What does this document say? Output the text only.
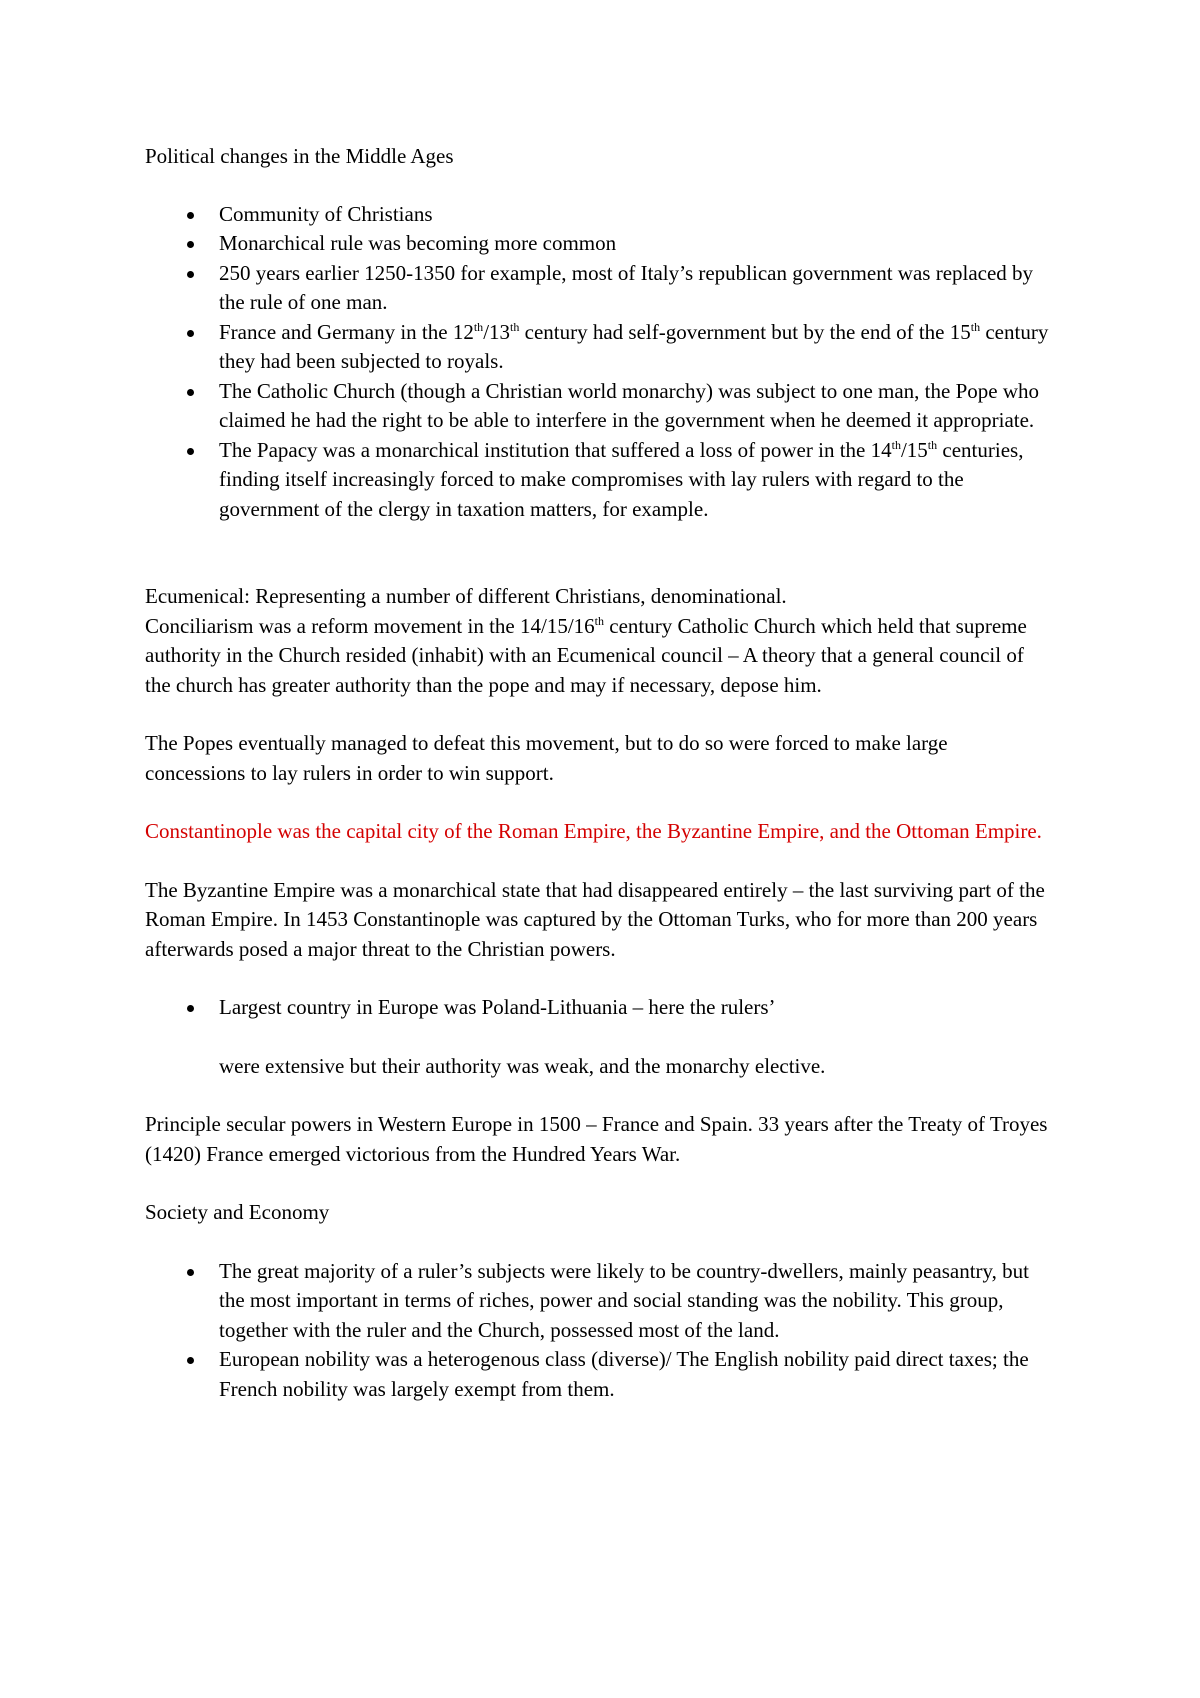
Political changes in the Middle Ages

Community of Christians
Monarchical rule was becoming more common
250 years earlier 1250-1350 for example, most of Italy’s republican government was replaced by the rule of one man.
France and Germany in the 12th/13th century had self-government but by the end of the 15th century they had been subjected to royals.
The Catholic Church (though a Christian world monarchy) was subject to one man, the Pope who claimed he had the right to be able to interfere in the government when he deemed it appropriate.
The Papacy was a monarchical institution that suffered a loss of power in the 14th/15th centuries, finding itself increasingly forced to make compromises with lay rulers with regard to the government of the clergy in taxation matters, for example.

Ecumenical: Representing a number of different Christians, denominational.

Conciliarism was a reform movement in the 14/15/16th century Catholic Church which held that supreme authority in the Church resided (inhabit) with an Ecumenical council – A theory that a general council of the church has greater authority than the pope and may if necessary, depose him.

The Popes eventually managed to defeat this movement, but to do so were forced to make large concessions to lay rulers in order to win support.

Constantinople was the capital city of the Roman Empire, the Byzantine Empire, and the Ottoman Empire.

The Byzantine Empire was a monarchical state that had disappeared entirely – the last surviving part of the Roman Empire. In 1453 Constantinople was captured by the Ottoman Turks, who for more than 200 years afterwards posed a major threat to the Christian powers.

Largest country in Europe was Poland-Lithuania – here the rulers’

were extensive but their authority was weak, and the monarchy elective.

Principle secular powers in Western Europe in 1500 – France and Spain. 33 years after the Treaty of Troyes (1420) France emerged victorious from the Hundred Years War.

Society and Economy

The great majority of a ruler’s subjects were likely to be country-dwellers, mainly peasantry, but the most important in terms of riches, power and social standing was the nobility. This group, together with the ruler and the Church, possessed most of the land.
European nobility was a heterogenous class (diverse)/ The English nobility paid direct taxes; the French nobility was largely exempt from them.
